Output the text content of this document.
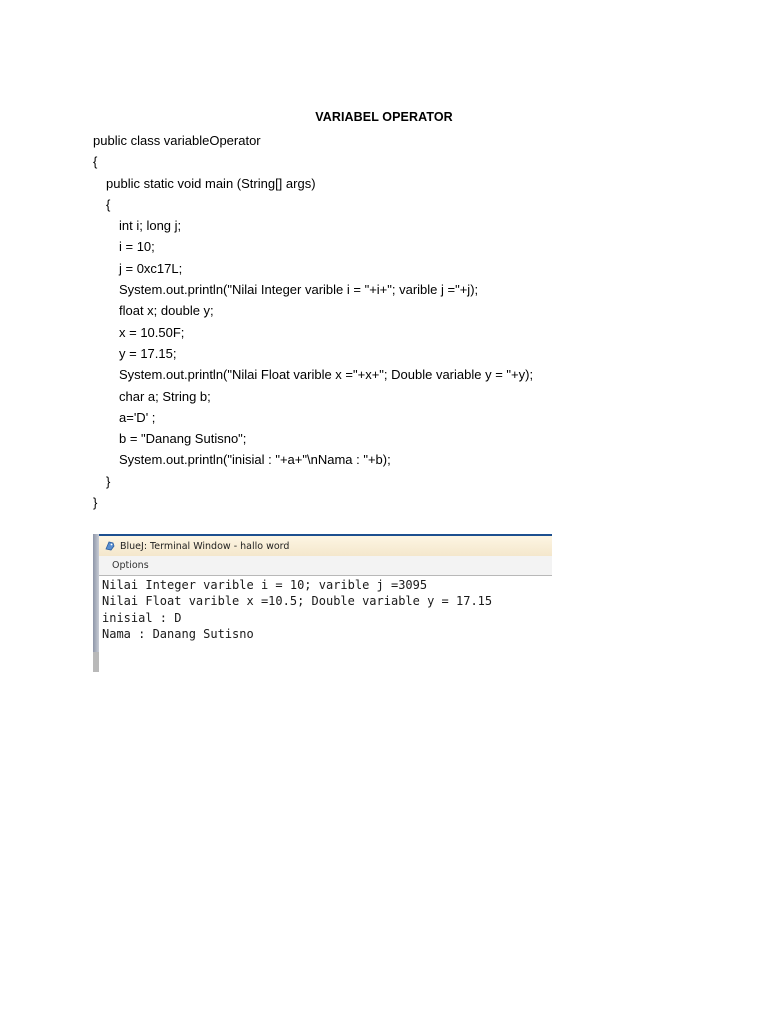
VARIABEL OPERATOR
public class variableOperator
{
public static void main (String[] args)
{
int i; long j;
i = 10;
j = 0xc17L;
System.out.println("Nilai Integer varible i = "+i+"; varible j ="+j);
float x; double y;
x = 10.50F;
y = 17.15;
System.out.println("Nilai Float varible x ="+x+"; Double variable y = "+y);
char a; String b;
a='D' ;
b = "Danang Sutisno";
System.out.println("inisial : "+a+"\nNama : "+b);
}
}
BlueJ: Terminal Window - hallo word
Options
Nilai Integer varible i = 10; varible j =3095
Nilai Float varible x =10.5; Double variable y = 17.15
inisial : D
Nama : Danang Sutisno
